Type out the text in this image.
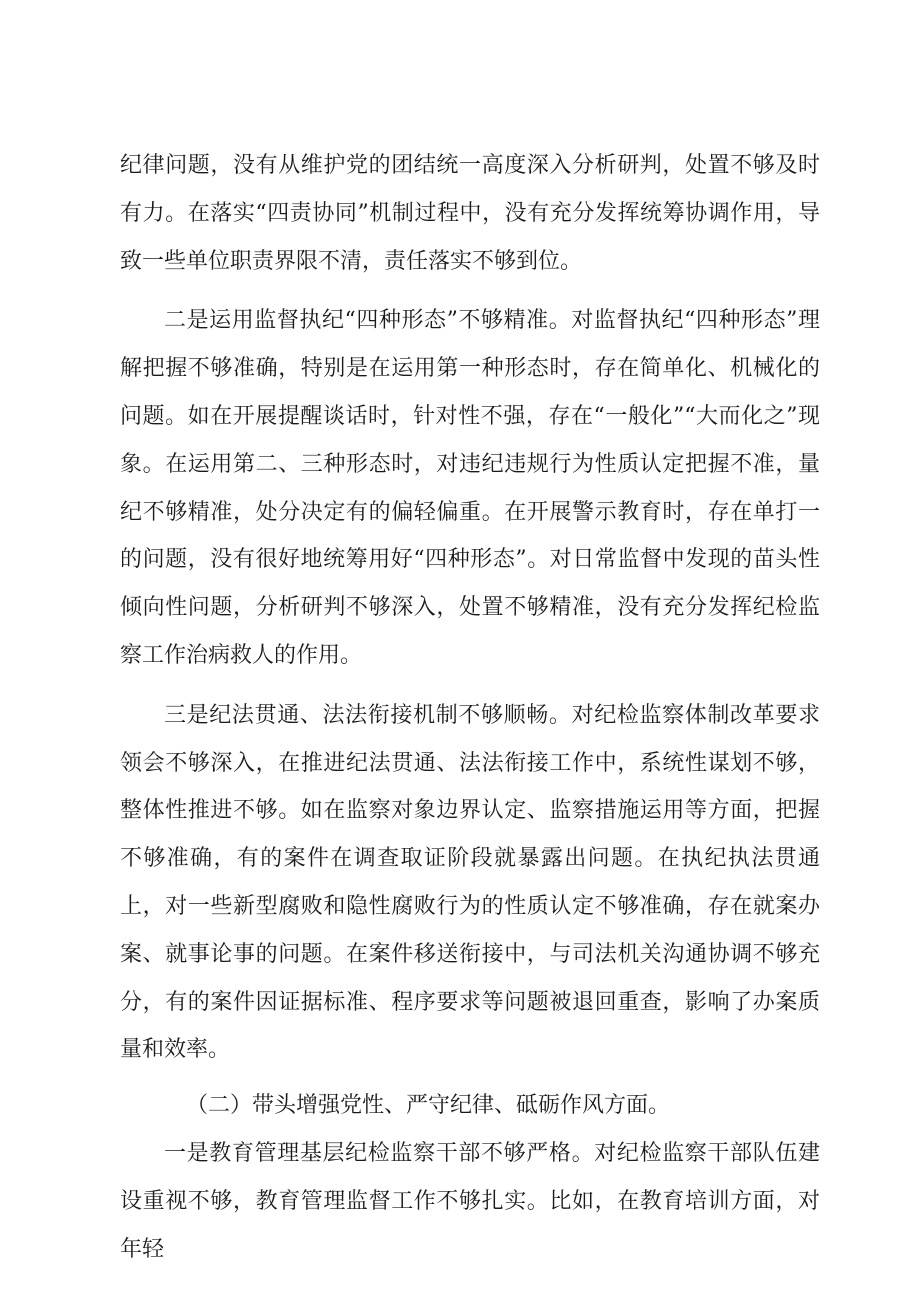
纪律问题，没有从维护党的团结统一高度深入分析研判，处置不够及时有力。在落实“四责协同”机制过程中，没有充分发挥统筹协调作用，导致一些单位职责界限不清，责任落实不够到位。

二是运用监督执纪“四种形态”不够精准。对监督执纪“四种形态”理解把握不够准确，特别是在运用第一种形态时，存在简单化、机械化的问题。如在开展提醒谈话时，针对性不强，存在“一般化”“大而化之”现象。在运用第二、三种形态时，对违纪违规行为性质认定把握不准，量纪不够精准，处分决定有的偏轻偏重。在开展警示教育时，存在单打一的问题，没有很好地统筹用好“四种形态”。对日常监督中发现的苗头性倾向性问题，分析研判不够深入，处置不够精准，没有充分发挥纪检监察工作治病救人的作用。

三是纪法贯通、法法衔接机制不够顺畅。对纪检监察体制改革要求领会不够深入，在推进纪法贯通、法法衔接工作中，系统性谋划不够，整体性推进不够。如在监察对象边界认定、监察措施运用等方面，把握不够准确，有的案件在调查取证阶段就暴露出问题。在执纪执法贯通上，对一些新型腐败和隐性腐败行为的性质认定不够准确，存在就案办案、就事论事的问题。在案件移送衔接中，与司法机关沟通协调不够充分，有的案件因证据标准、程序要求等问题被退回重查，影响了办案质量和效率。

（二）带头增强党性、严守纪律、砥砺作风方面。

一是教育管理基层纪检监察干部不够严格。对纪检监察干部队伍建设重视不够，教育管理监督工作不够扎实。比如，在教育培训方面，对年轻
